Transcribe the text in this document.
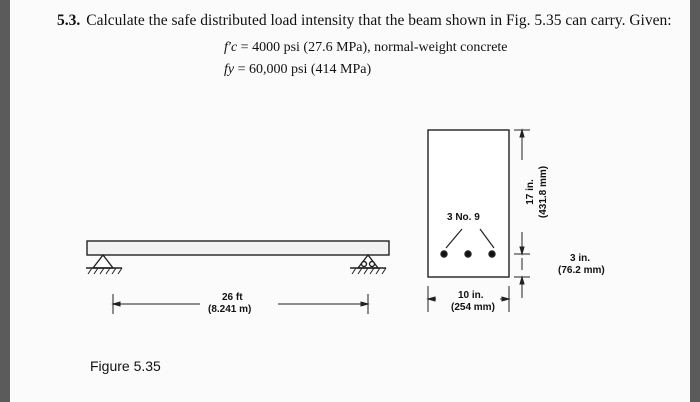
5.3. Calculate the safe distributed load intensity that the beam shown in Fig. 5.35 can carry. Given:
f′c = 4000 psi (27.6 MPa), normal-weight concrete
fy = 60,000 psi (414 MPa)
17 in. (431.8 mm)
26 ft
(8.241 m)
3 No. 9
3 in.
(76.2 mm)
10 in.
(254 mm)
Figure 5.35
